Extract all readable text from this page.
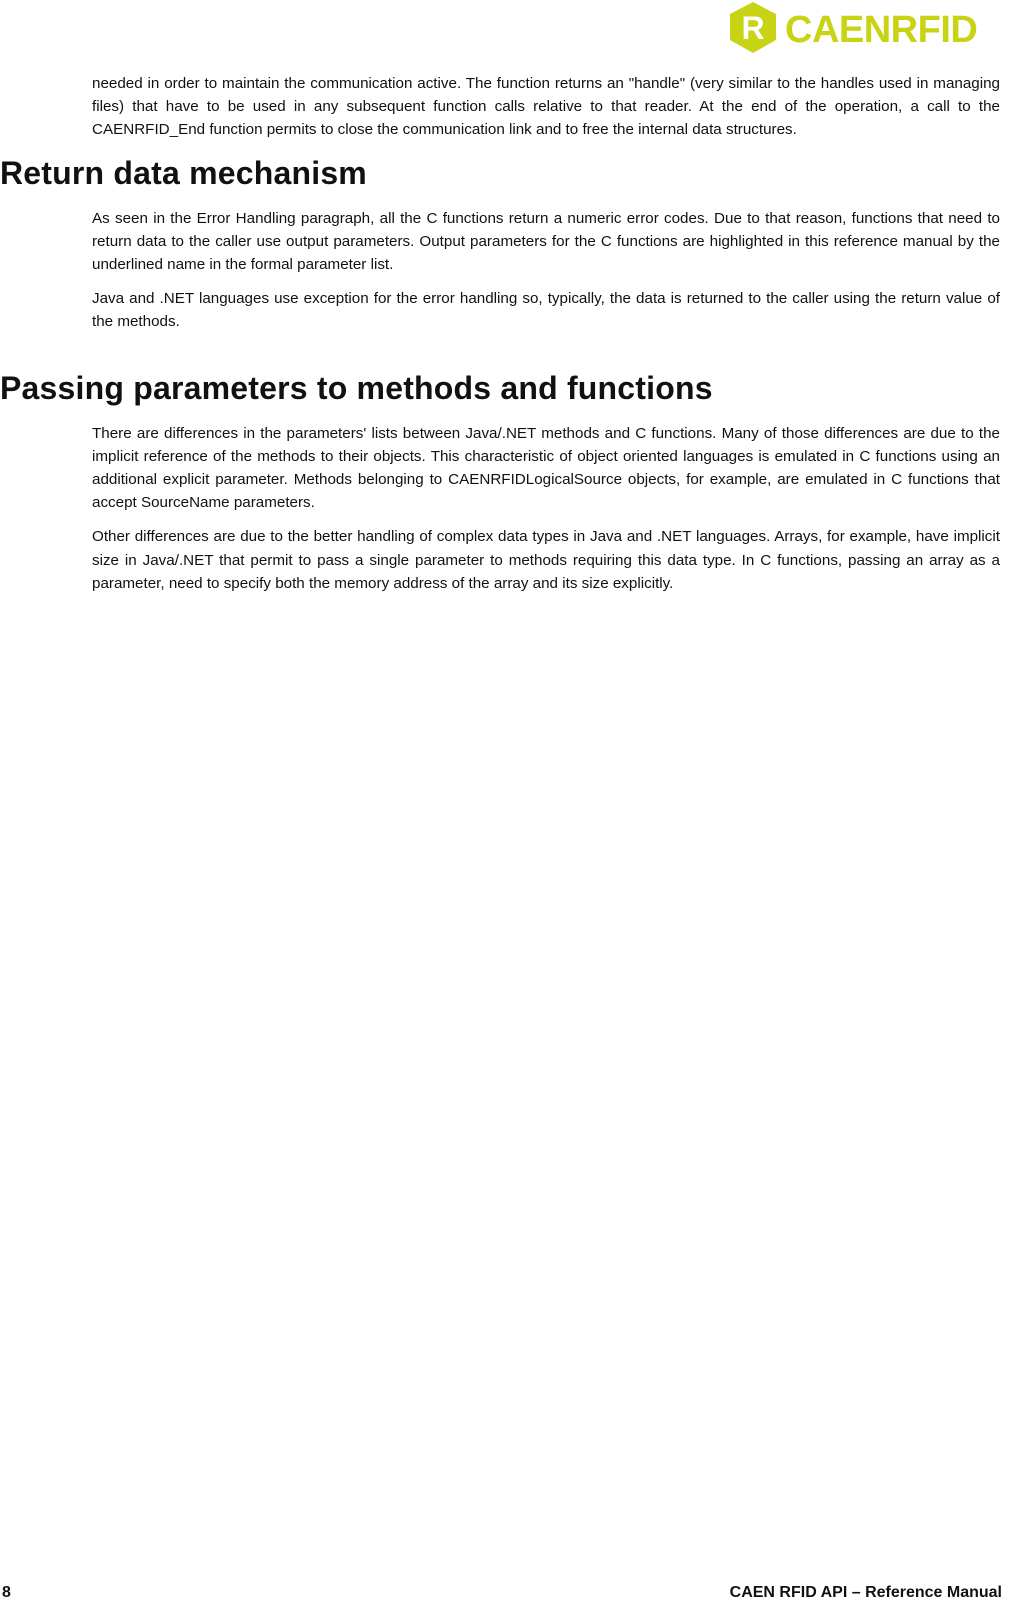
R CAENRFID

needed in order to maintain the communication active. The function returns an "handle" (very similar to the handles used in managing files) that have to be used in any subsequent function calls relative to that reader. At the end of the operation, a call to the CAENRFID_End function permits to close the communication link and to free the internal data structures.

Return data mechanism

As seen in the Error Handling paragraph, all the C functions return a numeric error codes. Due to that reason, functions that need to return data to the caller use output parameters. Output parameters for the C functions are highlighted in this reference manual by the underlined name in the formal parameter list.

Java and .NET languages use exception for the error handling so, typically, the data is returned to the caller using the return value of the methods.

Passing parameters to methods and functions

There are differences in the parameters' lists between Java/.NET methods and C functions. Many of those differences are due to the implicit reference of the methods to their objects. This characteristic of object oriented languages is emulated in C functions using an additional explicit parameter. Methods belonging to CAENRFIDLogicalSource objects, for example, are emulated in C functions that accept SourceName parameters.

Other differences are due to the better handling of complex data types in Java and .NET languages. Arrays, for example, have implicit size in Java/.NET that permit to pass a single parameter to methods requiring this data type. In C functions, passing an array as a parameter, need to specify both the memory address of the array and its size explicitly.

8	CAEN RFID API – Reference Manual
